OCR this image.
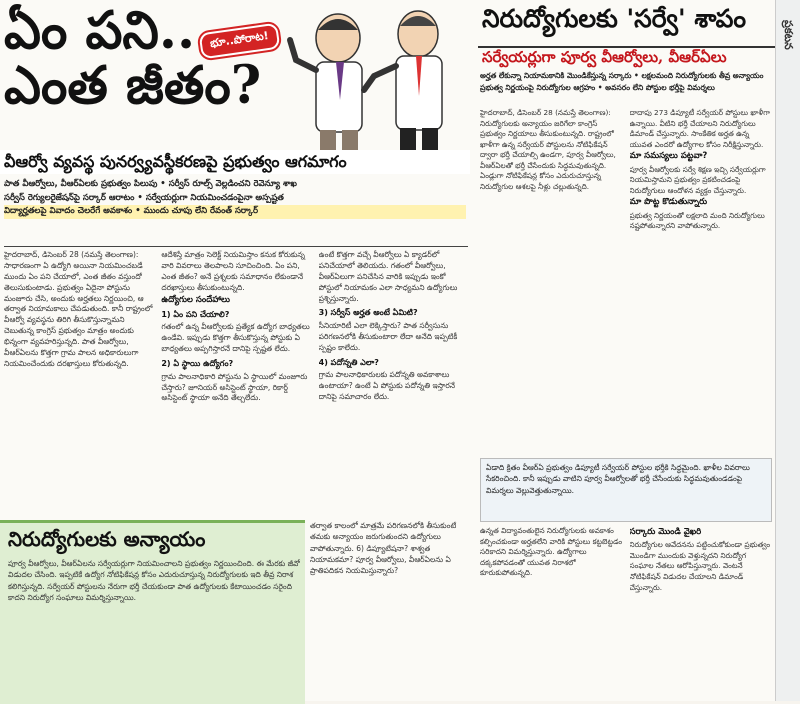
ఏం పని..
ఎంత జీతం?
భూ..పోరాట!
వీఆర్వో వ్యవస్థ పునర్వ్యవస్థీకరణపై ప్రభుత్వం ఆగమాగం
పాత వీఆర్వోలు, వీఆర్‌ఏలకు ప్రభుత్వం పిలుపు • సర్వీస్ రూల్స్ వెల్లడించని రెవెన్యూ శాఖ
సర్వీస్ రెగ్యులరైజేషన్‌పై సర్కార్ ఆరాటం • సర్వేయర్లుగా నియమించడంపైనా అస్పష్టత
విద్యార్హతలపై వివాదం చెలరేగే అవకాశం • ముందు చూపు లేని రేవంత్ సర్కార్
హైదరాబాద్, డిసెంబర్ 28 (నమస్తే తెలంగాణ): సాధారణంగా ఏ ఉద్యోగి అయినా నియమించబడే ముందు ఏం పని చేయాలో, ఎంత జీతం వస్తుందో తెలుసుకుంటాడు. ప్రభుత్వం ఏదైనా పోస్టును మంజూరు చేసి, అందుకు అర్హతలు నిర్ణయించి, ఆ తర్వాత నియామకాలు చేపడుతుంది. కానీ రాష్ట్రంలో వీఆర్వో వ్యవస్థను తిరిగి తీసుకొస్తున్నామని చెబుతున్న కాంగ్రెస్ ప్రభుత్వం మాత్రం అందుకు భిన్నంగా వ్యవహరిస్తున్నది. పాత వీఆర్వోలు, వీఆర్‌ఏలను కొత్తగా గ్రామ పాలన అధికారులుగా నియమించేందుకు దరఖాస్తులు కోరుతున్నది.
ఆదేశిస్తే మాత్రం సెలెక్ట్ నియమిస్తాం కనుక కోరుకున్న వారి వివరాలు తెలపాలని సూచించింది. ఏం పని, ఎంత జీతం? అనే ప్రశ్నలకు సమాధానం లేకుండానే దరఖాస్తులు తీసుకుంటున్నది.
ఉద్యోగుల సందేహాలు
1) ఏం పని చేయాలి?
గతంలో ఉన్న వీఆర్వోలకు ప్రత్యేక ఉద్యోగ బాధ్యతలు ఉండేవి. ఇప్పుడు కొత్తగా తీసుకొస్తున్న పోస్టుకు ఏ బాధ్యతలు అప్పగిస్తారనే దానిపై స్పష్టత లేదు.
2) ఏ స్థాయి ఉద్యోగం?
గ్రామ పాలనాధికారి పోస్టును ఏ స్థాయిలో మంజూరు చేస్తారు? జూనియర్ అసిస్టెంట్ స్థాయా, రికార్డ్ అసిస్టెంట్ స్థాయా అనేది తేల్చలేదు.
ఉంటే కొత్తగా వచ్చే వీఆర్వోలు ఏ క్యాడర్‌లో పనిచేయాలో తెలియదు. గతంలో వీఆర్వోలు, వీఆర్‌ఏలుగా పనిచేసిన వారికి ఇప్పుడు ఇంకో పోస్టులో నియామకం ఎలా సాధ్యమని ఉద్యోగులు ప్రశ్నిస్తున్నారు.
3) సర్వీస్ అర్హత అంటే ఏమిటి?
సీనియారిటీ ఎలా లెక్కిస్తారు? పాత సర్వీసును పరిగణనలోకి తీసుకుంటారా లేదా అనేది ఇప్పటికీ స్పష్టం కాలేదు.
4) పదోన్నతి ఎలా?
గ్రామ పాలనాధికారులకు పదోన్నతి అవకాశాలు ఉంటాయా? ఉంటే ఏ పోస్టుకు పదోన్నతి ఇస్తారనే దానిపై సమాచారం లేదు.
నిరుద్యోగులకు అన్యాయం
పూర్వ వీఆర్వోలు, వీఆర్‌ఏలను సర్వేయర్లుగా నియమించాలని ప్రభుత్వం నిర్ణయించింది. ఈ మేరకు జీవో విడుదల చేసింది. ఇప్పటికే ఉద్యోగ నోటిఫికేషన్ల కోసం ఎదురుచూస్తున్న నిరుద్యోగులకు ఇది తీవ్ర నిరాశ కలిగిస్తున్నది. సర్వేయర్ పోస్టులను నేరుగా భర్తీ చేయకుండా పాత ఉద్యోగులకు కేటాయించడం సరైంది కాదని నిరుద్యోగ సంఘాలు విమర్శిస్తున్నాయి.
తర్వాత కాలంలో మాత్రమే పరిగణనలోకి తీసుకుంటే తమకు అన్యాయం జరుగుతుందని ఉద్యోగులు వాపోతున్నారు. 6) డిప్యూటేషనా? శాశ్వత నియామకమా? పూర్వ వీఆర్వోలు, వీఆర్‌ఏలను ఏ ప్రాతిపదికన నియమిస్తున్నారు?
నిరుద్యోగులకు 'సర్వే' శాపం
సర్వేయర్లుగా పూర్వ వీఆర్వోలు, వీఆర్‌ఏలు
అర్హత లేకున్నా నియామకానికి మొండికేస్తున్న సర్కారు • లక్షలమంది నిరుద్యోగులకు తీవ్ర అన్యాయం
ప్రభుత్వ నిర్ణయంపై నిరుద్యోగుల ఆగ్రహం • అవసరం లేని పోస్టుల భర్తీపై విమర్శలు
హైదరాబాద్, డిసెంబర్ 28 (నమస్తే తెలంగాణ): నిరుద్యోగులకు అన్యాయం జరిగేలా కాంగ్రెస్ ప్రభుత్వం నిర్ణయాలు తీసుకుంటున్నది. రాష్ట్రంలో ఖాళీగా ఉన్న సర్వేయర్ పోస్టులను నోటిఫికేషన్ ద్వారా భర్తీ చేయాల్సి ఉండగా, పూర్వ వీఆర్వోలు, వీఆర్‌ఏలతో భర్తీ చేసేందుకు సిద్ధమవుతున్నది. ఏండ్లుగా నోటిఫికేషన్ల కోసం ఎదురుచూస్తున్న నిరుద్యోగుల ఆశలపై నీళ్లు చల్లుతున్నది.
దాదాపు 273 డిప్యూటీ సర్వేయర్ పోస్టులు ఖాళీగా ఉన్నాయి. వీటిని భర్తీ చేయాలని నిరుద్యోగులు డిమాండ్ చేస్తున్నారు. సాంకేతిక అర్హత ఉన్న యువత ఎందరో ఉద్యోగాల కోసం నిరీక్షిస్తున్నారు.
మా సమస్యలు పట్టవా?
పూర్వ వీఆర్వోలకు సర్వే శిక్షణ ఇచ్చి సర్వేయర్లుగా నియమిస్తామని ప్రభుత్వం ప్రకటించడంపై నిరుద్యోగులు ఆందోళన వ్యక్తం చేస్తున్నారు.
మా పొట్ట కొడుతున్నారు
ప్రభుత్వ నిర్ణయంతో లక్షలాది మంది నిరుద్యోగులు నష్టపోతున్నారని వాపోతున్నారు.
ఏడాది క్రితం వీఆర్‌ఏ ప్రభుత్వం డిప్యూటీ సర్వేయర్ పోస్టుల భర్తీకి సిద్ధమైంది. ఖాళీల వివరాలు సేకరించింది. కానీ ఇప్పుడు వాటిని పూర్వ వీఆర్వోలతో భర్తీ చేసేందుకు సిద్ధమవుతుండడంపై విమర్శలు వెల్లువెత్తుతున్నాయి.
ఉన్నత విద్యావంతులైన నిరుద్యోగులకు అవకాశం కల్పించకుండా అర్హతలేని వారికి పోస్టులు కట్టబెట్టడం సరికాదని విమర్శిస్తున్నారు. ఉద్యోగాలు దక్కకపోవడంతో యువత నిరాశలో కూరుకుపోతున్నది.
సర్కారు మొండి వైఖరి
నిరుద్యోగుల ఆవేదనను పట్టించుకోకుండా ప్రభుత్వం మొండిగా ముందుకు వెళ్తున్నదని నిరుద్యోగ సంఘాల నేతలు ఆరోపిస్తున్నారు. వెంటనే నోటిఫికేషన్ విడుదల చేయాలని డిమాండ్ చేస్తున్నారు.
ప్రకటన
